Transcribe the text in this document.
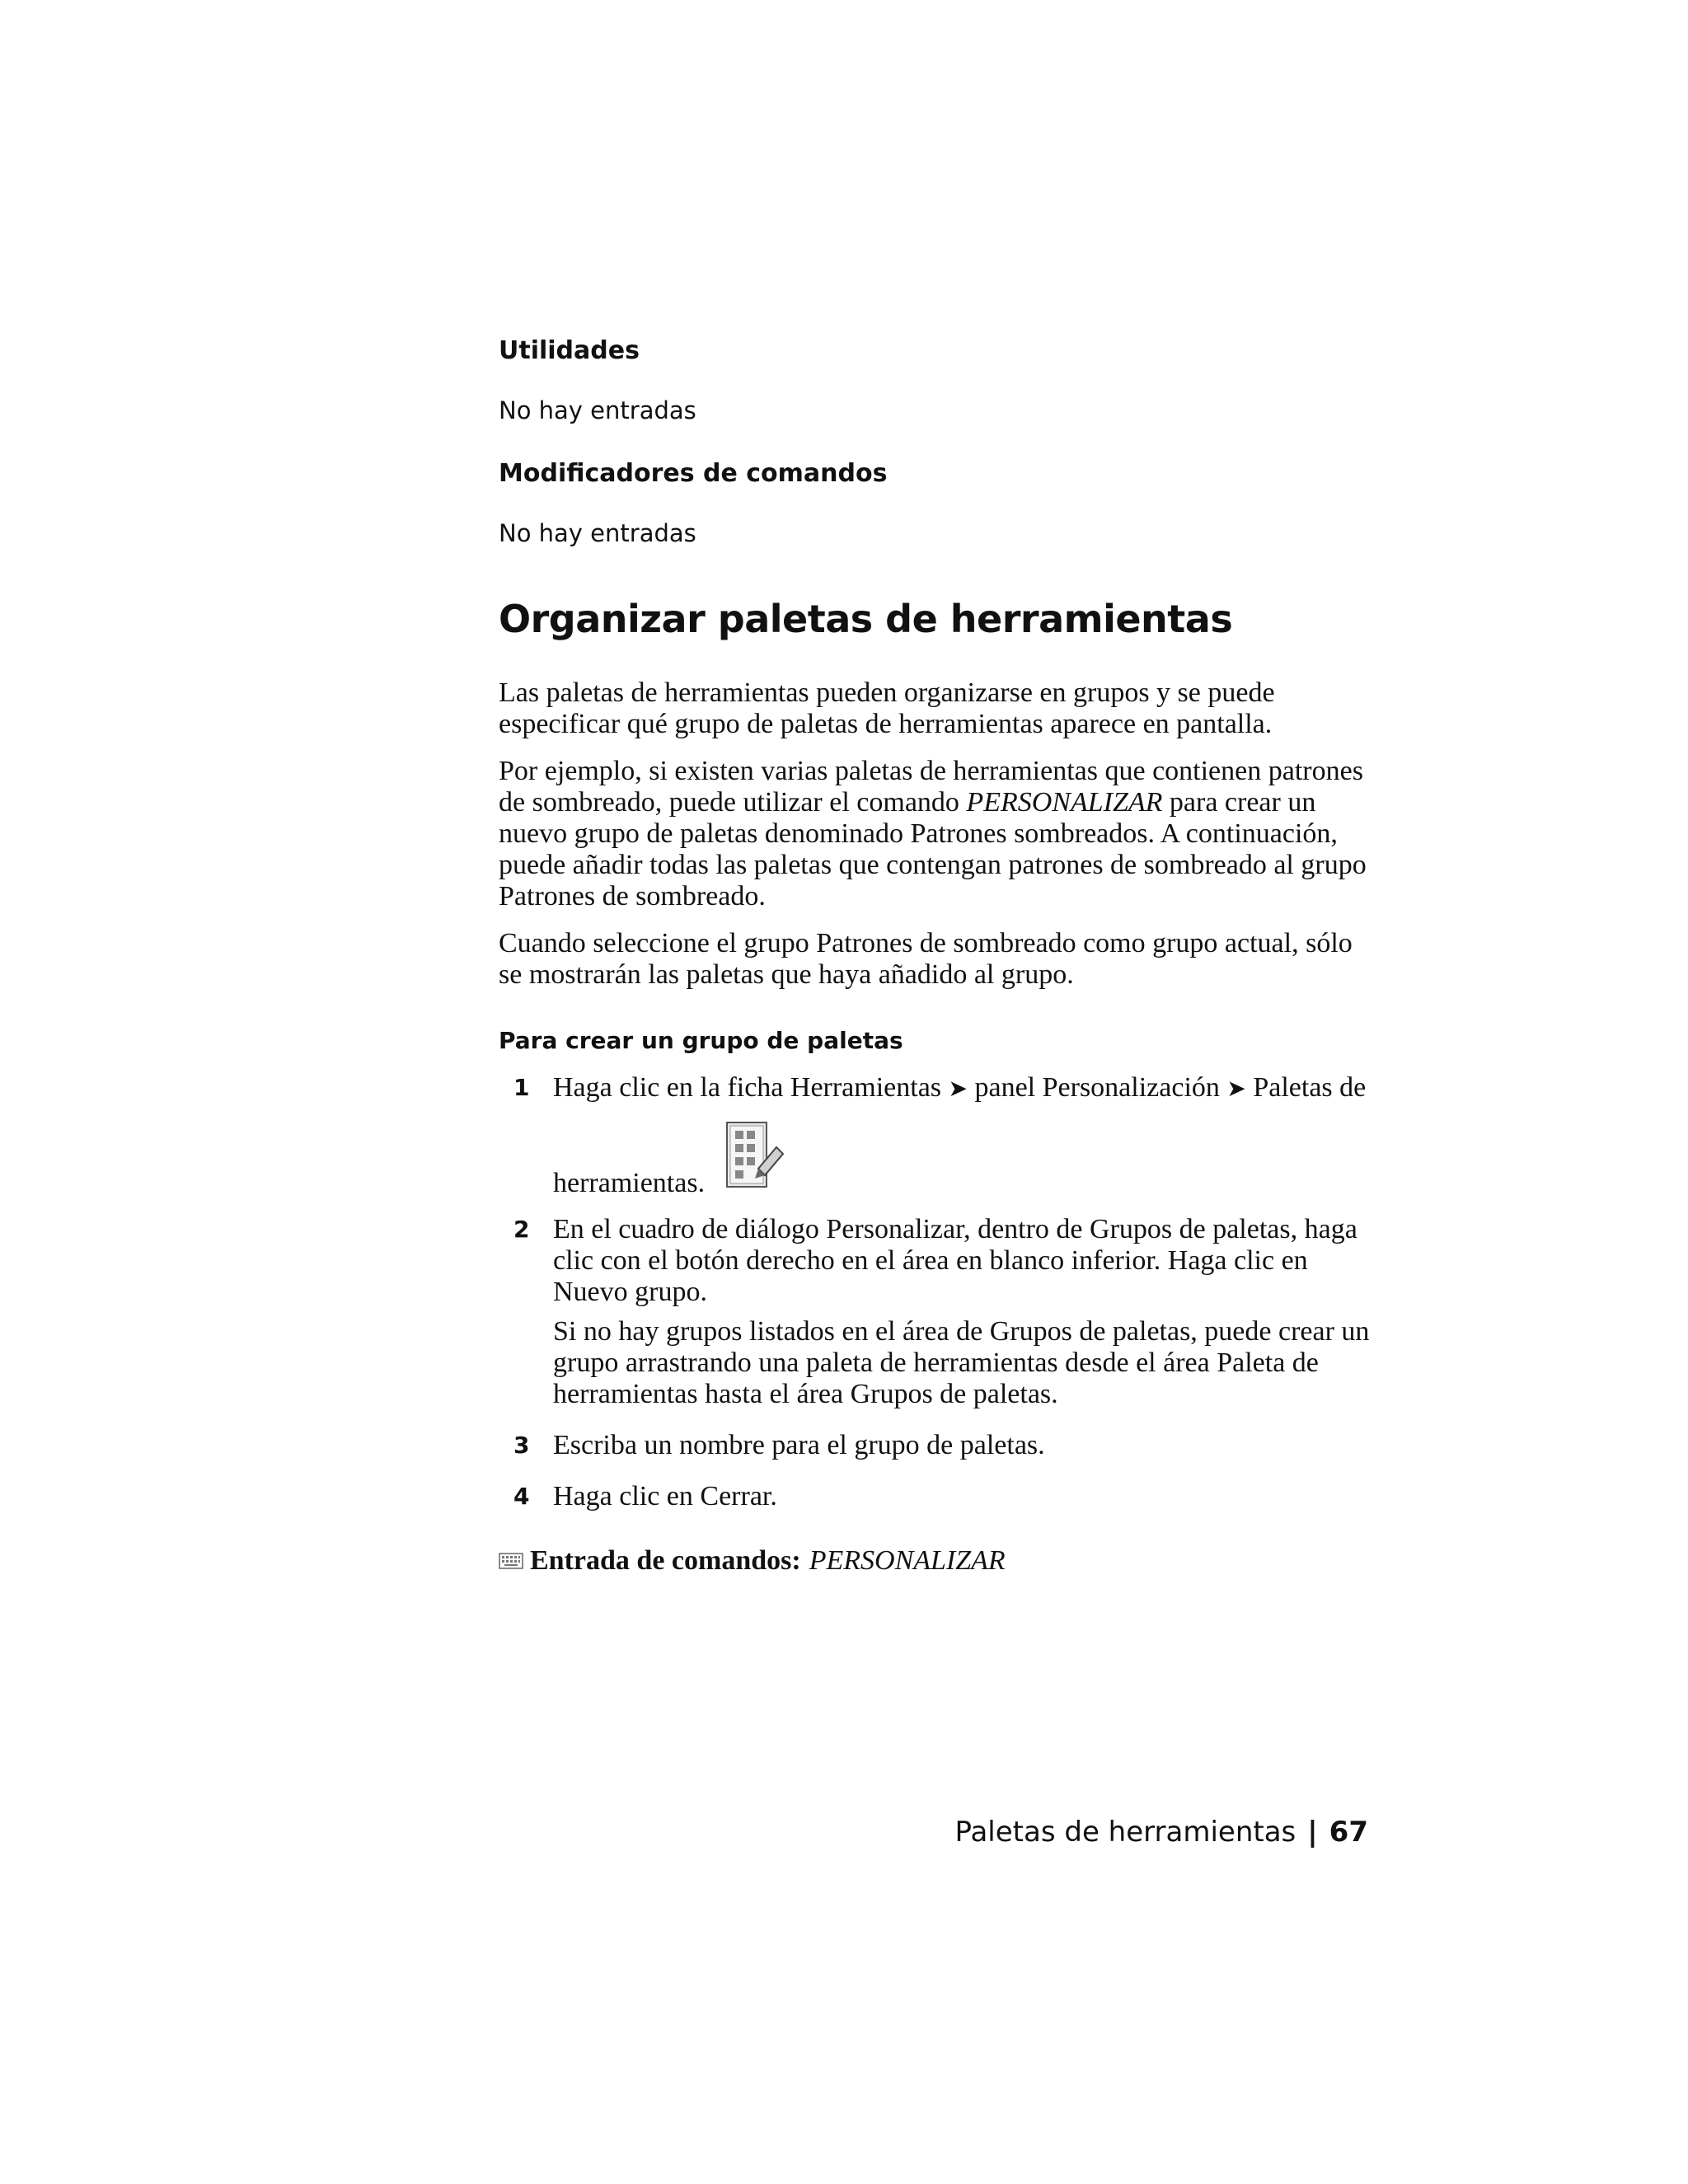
Utilidades

No hay entradas

Modificadores de comandos

No hay entradas

Organizar paletas de herramientas

Las paletas de herramientas pueden organizarse en grupos y se puede especificar qué grupo de paletas de herramientas aparece en pantalla.

Por ejemplo, si existen varias paletas de herramientas que contienen patrones de sombreado, puede utilizar el comando PERSONALIZAR para crear un nuevo grupo de paletas denominado Patrones sombreados. A continuación, puede añadir todas las paletas que contengan patrones de sombreado al grupo Patrones de sombreado.

Cuando seleccione el grupo Patrones de sombreado como grupo actual, sólo se mostrarán las paletas que haya añadido al grupo.

Para crear un grupo de paletas

1 Haga clic en la ficha Herramientas ➤ panel Personalización ➤ Paletas de herramientas.
2 En el cuadro de diálogo Personalizar, dentro de Grupos de paletas, haga clic con el botón derecho en el área en blanco inferior. Haga clic en Nuevo grupo.

Si no hay grupos listados en el área de Grupos de paletas, puede crear un grupo arrastrando una paleta de herramientas desde el área Paleta de herramientas hasta el área Grupos de paletas.

3 Escriba un nombre para el grupo de paletas.
4 Haga clic en Cerrar.
Entrada de comandos: PERSONALIZAR
Paletas de herramientas | 67
